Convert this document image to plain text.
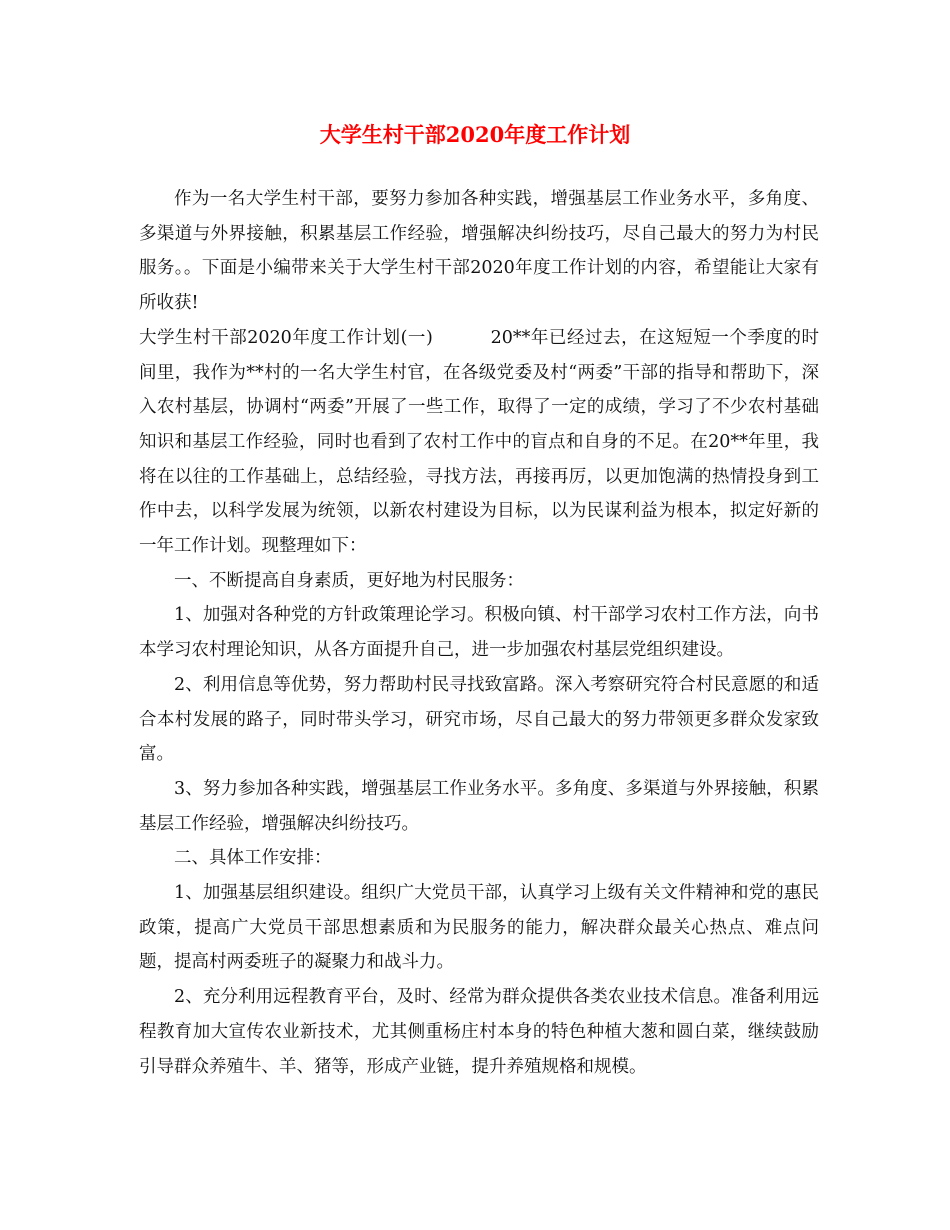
大学生村干部2020年度工作计划

作为一名大学生村干部，要努力参加各种实践，增强基层工作业务水平，多角度、多渠道与外界接触，积累基层工作经验，增强解决纠纷技巧，尽自己最大的努力为村民服务。。下面是小编带来关于大学生村干部2020年度工作计划的内容，希望能让大家有所收获!

大学生村干部2020年度工作计划(一)	20**年已经过去，在这短短一个季度的时间里，我作为**村的一名大学生村官，在各级党委及村“两委”干部的指导和帮助下，深入农村基层，协调村“两委”开展了一些工作，取得了一定的成绩，学习了不少农村基础知识和基层工作经验，同时也看到了农村工作中的盲点和自身的不足。在20**年里，我将在以往的工作基础上，总结经验，寻找方法，再接再厉，以更加饱满的热情投身到工作中去，以科学发展为统领，以新农村建设为目标，以为民谋利益为根本，拟定好新的一年工作计划。现整理如下：

一、不断提高自身素质，更好地为村民服务：

1、加强对各种党的方针政策理论学习。积极向镇、村干部学习农村工作方法，向书本学习农村理论知识，从各方面提升自己，进一步加强农村基层党组织建设。

2、利用信息等优势，努力帮助村民寻找致富路。深入考察研究符合村民意愿的和适合本村发展的路子，同时带头学习，研究市场，尽自己最大的努力带领更多群众发家致富。

3、努力参加各种实践，增强基层工作业务水平。多角度、多渠道与外界接触，积累基层工作经验，增强解决纠纷技巧。

二、具体工作安排：

1、加强基层组织建设。组织广大党员干部，认真学习上级有关文件精神和党的惠民政策，提高广大党员干部思想素质和为民服务的能力，解决群众最关心热点、难点问题，提高村两委班子的凝聚力和战斗力。

2、充分利用远程教育平台，及时、经常为群众提供各类农业技术信息。准备利用远程教育加大宣传农业新技术，尤其侧重杨庄村本身的特色种植大葱和圆白菜，继续鼓励引导群众养殖牛、羊、猪等，形成产业链，提升养殖规格和规模。
